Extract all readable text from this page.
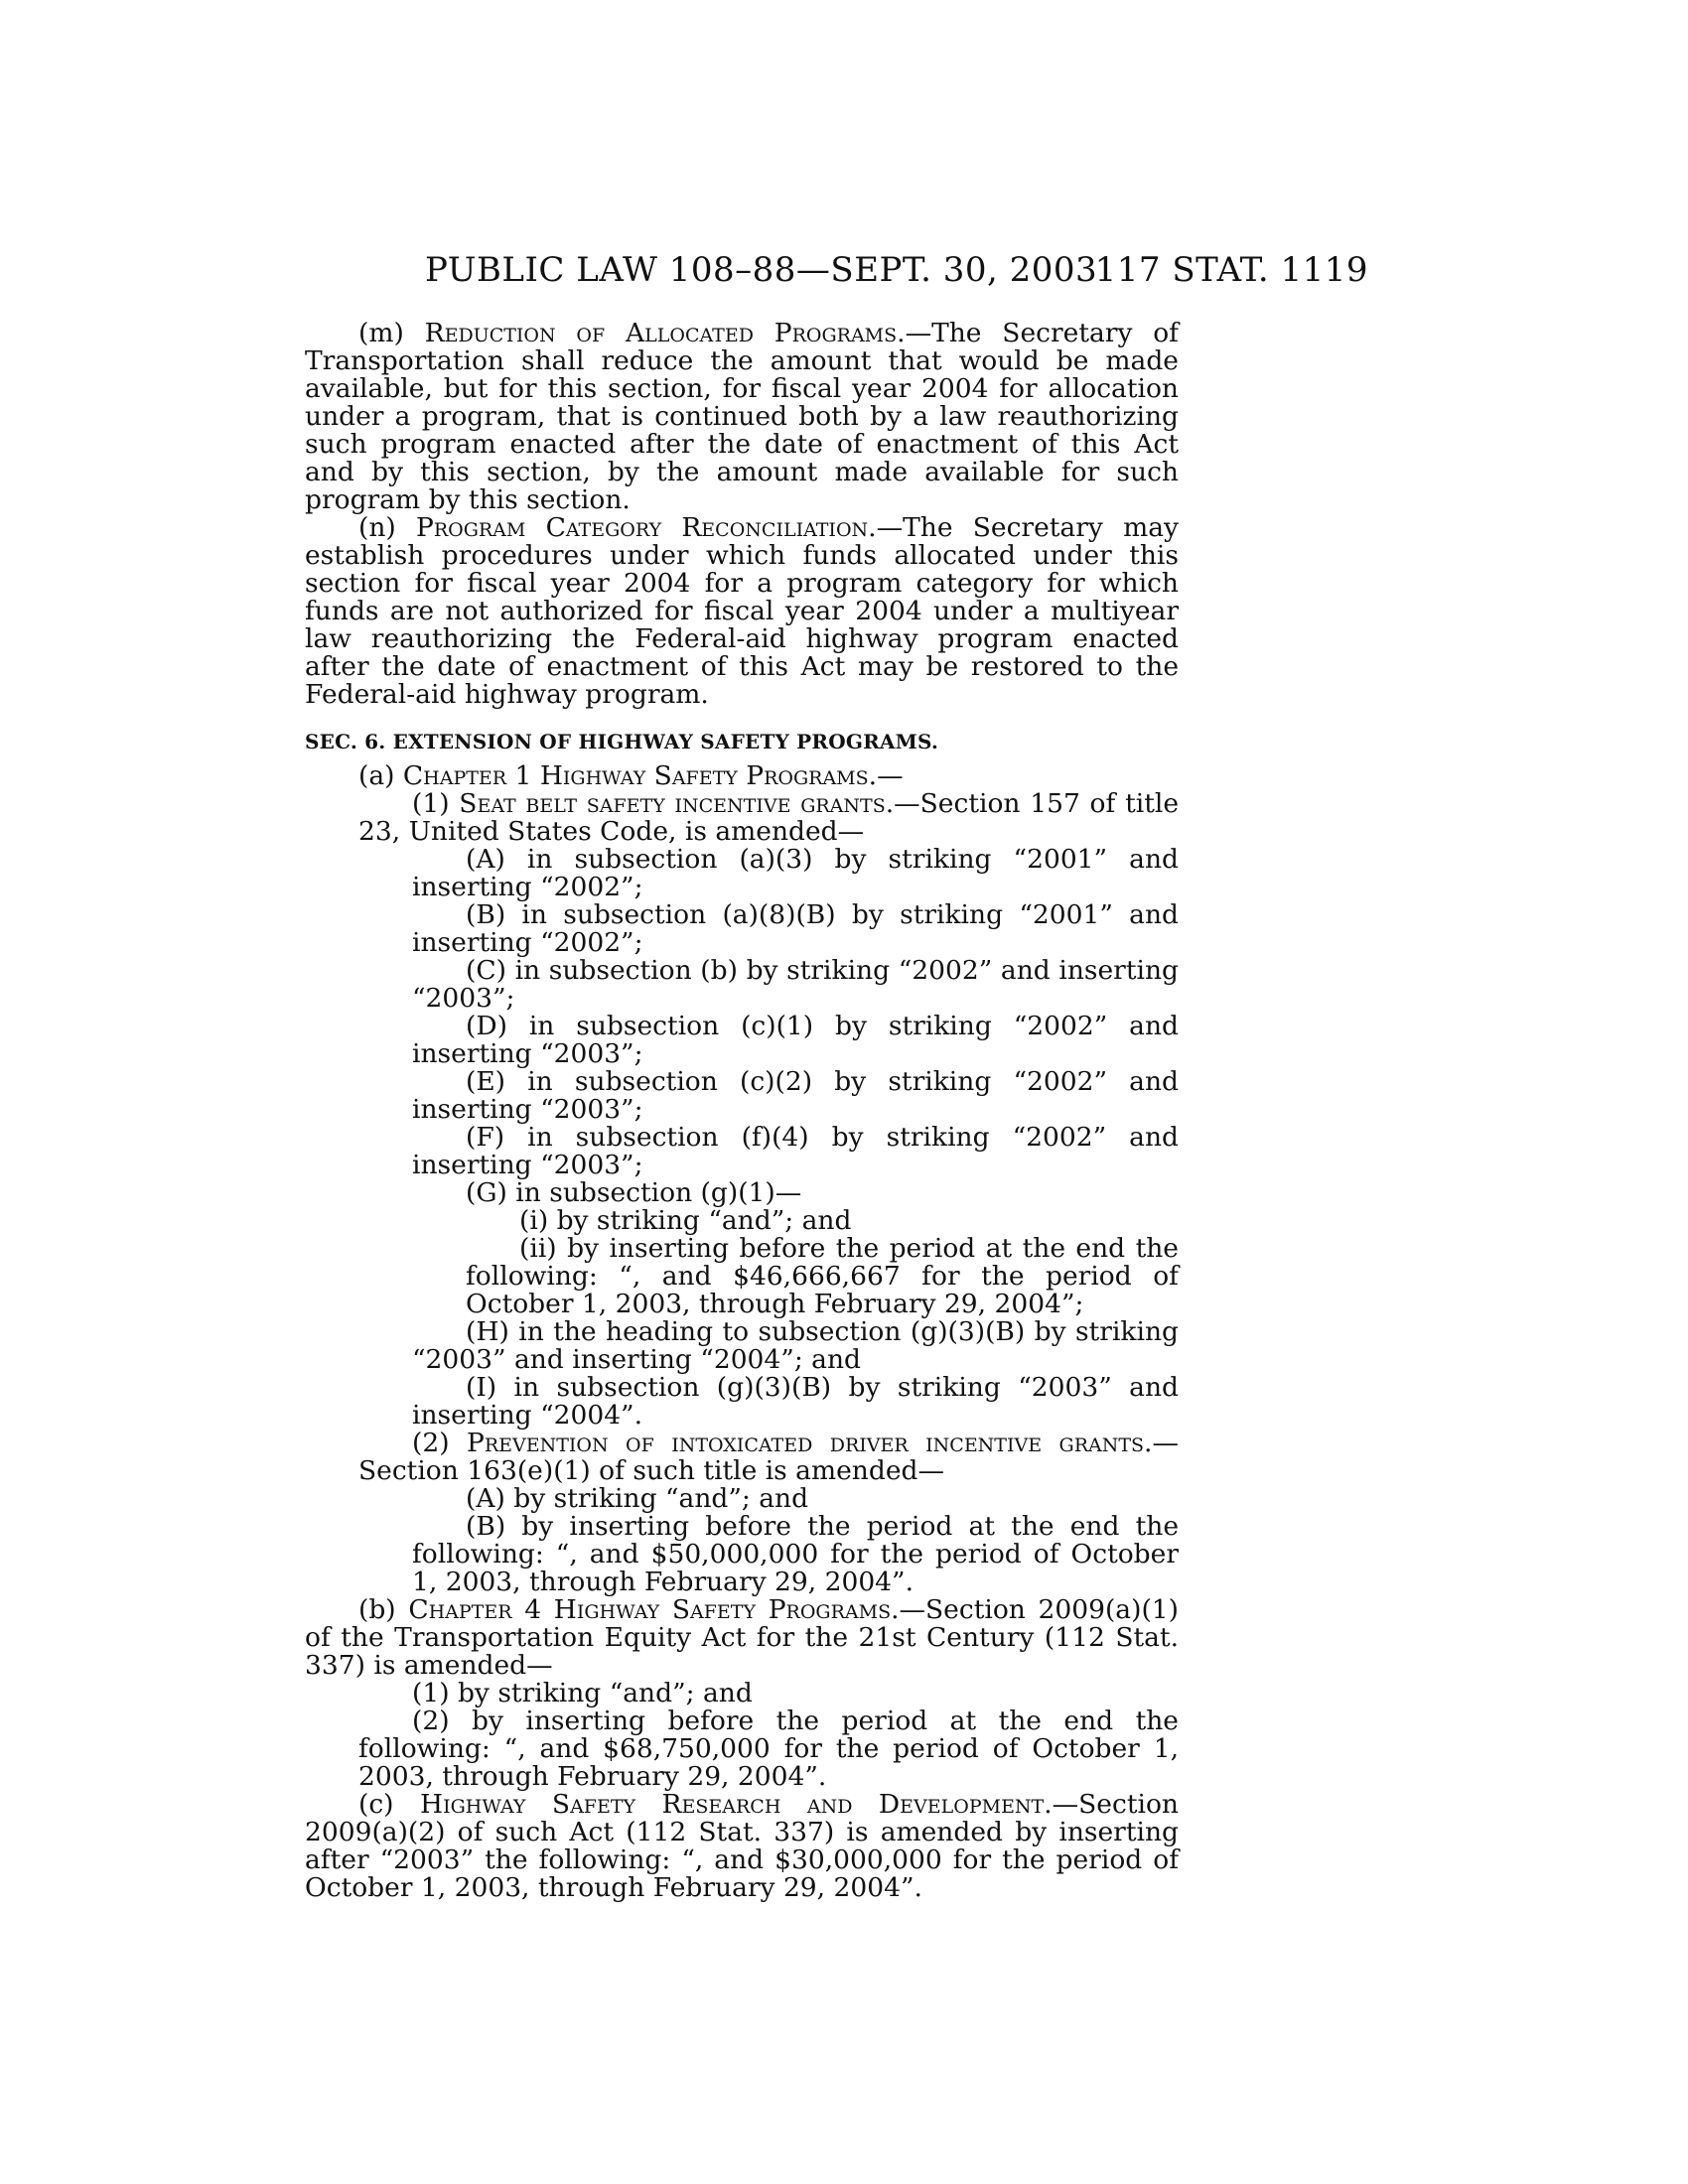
PUBLIC LAW 108–88—SEPT. 30, 2003
117 STAT. 1119

(m) Reduction of Allocated Programs.—The Secretary of Transportation shall reduce the amount that would be made available, but for this section, for fiscal year 2004 for allocation under a program, that is continued both by a law reauthorizing such program enacted after the date of enactment of this Act and by this section, by the amount made available for such program by this section.

(n) Program Category Reconciliation.—The Secretary may establish procedures under which funds allocated under this section for fiscal year 2004 for a program category for which funds are not authorized for fiscal year 2004 under a multiyear law reauthorizing the Federal-aid highway program enacted after the date of enactment of this Act may be restored to the Federal-aid highway program.

SEC. 6. EXTENSION OF HIGHWAY SAFETY PROGRAMS.

(a) Chapter 1 Highway Safety Programs.—

(1) Seat belt safety incentive grants.—Section 157 of title 23, United States Code, is amended—

(A) in subsection (a)(3) by striking “2001” and inserting “2002”;

(B) in subsection (a)(8)(B) by striking “2001” and inserting “2002”;

(C) in subsection (b) by striking “2002” and inserting “2003”;

(D) in subsection (c)(1) by striking “2002” and inserting “2003”;

(E) in subsection (c)(2) by striking “2002” and inserting “2003”;

(F) in subsection (f)(4) by striking “2002” and inserting “2003”;

(G) in subsection (g)(1)—

(i) by striking “and”; and

(ii) by inserting before the period at the end the following: “, and $46,666,667 for the period of October 1, 2003, through February 29, 2004”;

(H) in the heading to subsection (g)(3)(B) by striking “2003” and inserting “2004”; and

(I) in subsection (g)(3)(B) by striking “2003” and inserting “2004”.

(2) Prevention of intoxicated driver incentive grants.—Section 163(e)(1) of such title is amended—

(A) by striking “and”; and

(B) by inserting before the period at the end the following: “, and $50,000,000 for the period of October 1, 2003, through February 29, 2004”.

(b) Chapter 4 Highway Safety Programs.—Section 2009(a)(1) of the Transportation Equity Act for the 21st Century (112 Stat. 337) is amended—

(1) by striking “and”; and

(2) by inserting before the period at the end the following: “, and $68,750,000 for the period of October 1, 2003, through February 29, 2004”.

(c) Highway Safety Research and Development.—Section 2009(a)(2) of such Act (112 Stat. 337) is amended by inserting after “2003” the following: “, and $30,000,000 for the period of October 1, 2003, through February 29, 2004”.
